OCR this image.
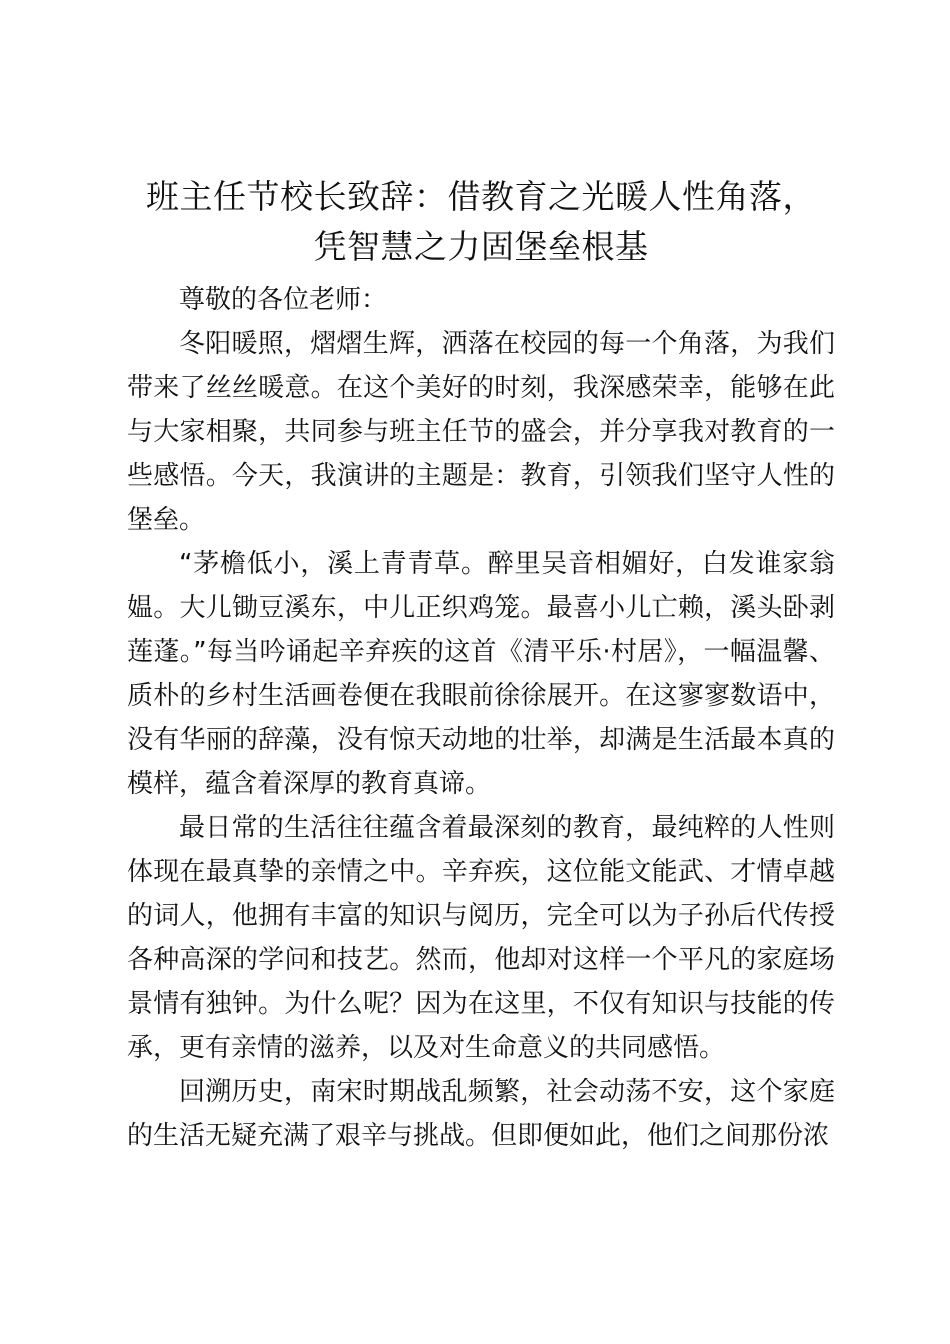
班主任节校长致辞：借教育之光暖人性角落，
凭智慧之力固堡垒根基

尊敬的各位老师：

冬阳暖照，熠熠生辉，洒落在校园的每一个角落，为我们带来了丝丝暖意。在这个美好的时刻，我深感荣幸，能够在此与大家相聚，共同参与班主任节的盛会，并分享我对教育的一些感悟。今天，我演讲的主题是：教育，引领我们坚守人性的堡垒。

“茅檐低小，溪上青青草。醉里吴音相媚好，白发谁家翁媪。大儿锄豆溪东，中儿正织鸡笼。最喜小儿亡赖，溪头卧剥莲蓬。”每当吟诵起辛弃疾的这首《清平乐·村居》，一幅温馨、质朴的乡村生活画卷便在我眼前徐徐展开。在这寥寥数语中，没有华丽的辞藻，没有惊天动地的壮举，却满是生活最本真的模样，蕴含着深厚的教育真谛。

最日常的生活往往蕴含着最深刻的教育，最纯粹的人性则体现在最真挚的亲情之中。辛弃疾，这位能文能武、才情卓越的词人，他拥有丰富的知识与阅历，完全可以为子孙后代传授各种高深的学问和技艺。然而，他却对这样一个平凡的家庭场景情有独钟。为什么呢？因为在这里，不仅有知识与技能的传承，更有亲情的滋养，以及对生命意义的共同感悟。

回溯历史，南宋时期战乱频繁，社会动荡不安，这个家庭的生活无疑充满了艰辛与挑战。但即便如此，他们之间那份浓
